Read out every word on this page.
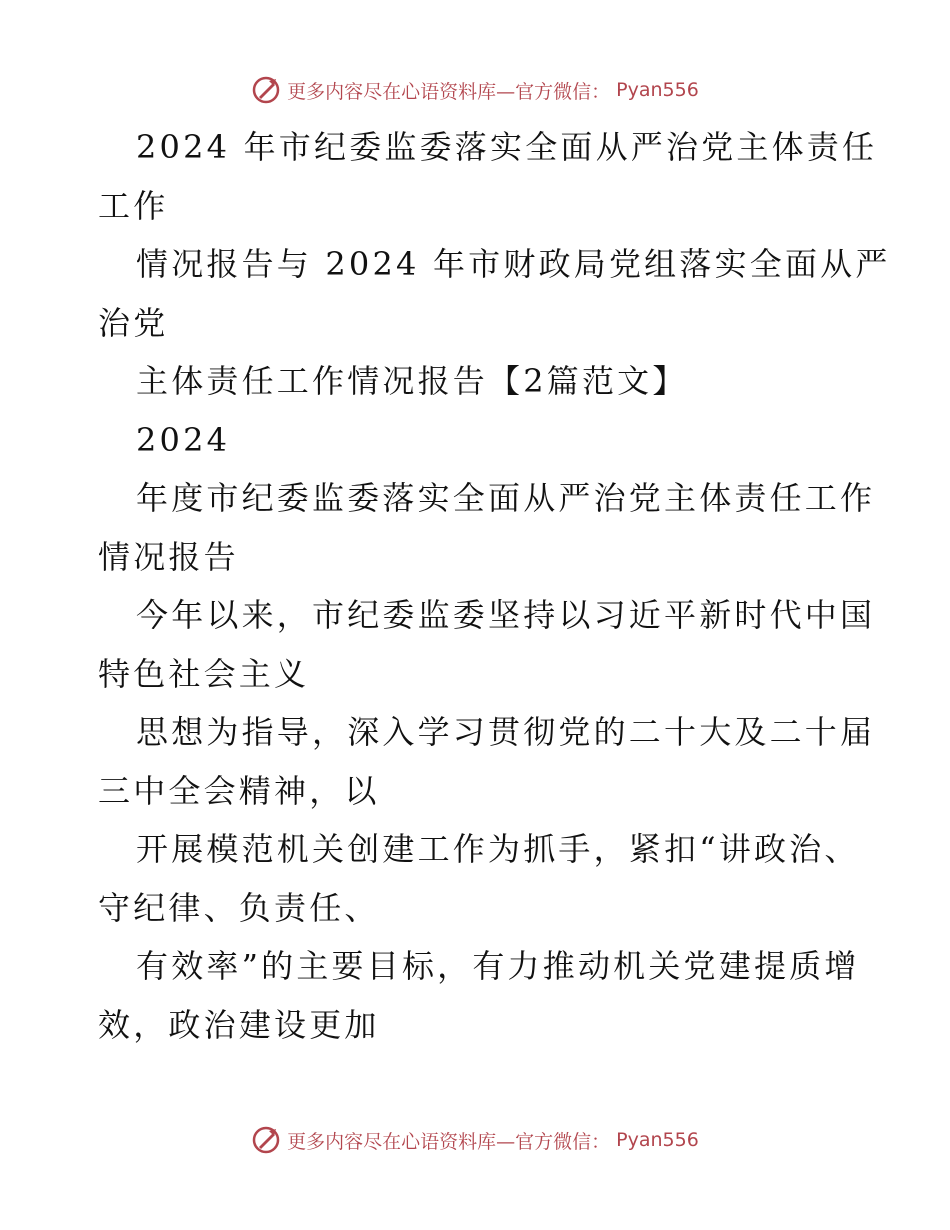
更多内容尽在心语资料库—官方微信： Pyan556
2024 年市纪委监委落实全面从严治党主体责任
工作
情况报告与 2024 年市财政局党组落实全面从严
治党
主体责任工作情况报告【2篇范文】
2024
年度市纪委监委落实全面从严治党主体责任工作
情况报告
今年以来，市纪委监委坚持以习近平新时代中国
特色社会主义
思想为指导，深入学习贯彻党的二十大及二十届
三中全会精神，以
开展模范机关创建工作为抓手，紧扣“讲政治、
守纪律、负责任、
有效率”的主要目标，有力推动机关党建提质增
效，政治建设更加
更多内容尽在心语资料库—官方微信： Pyan556
